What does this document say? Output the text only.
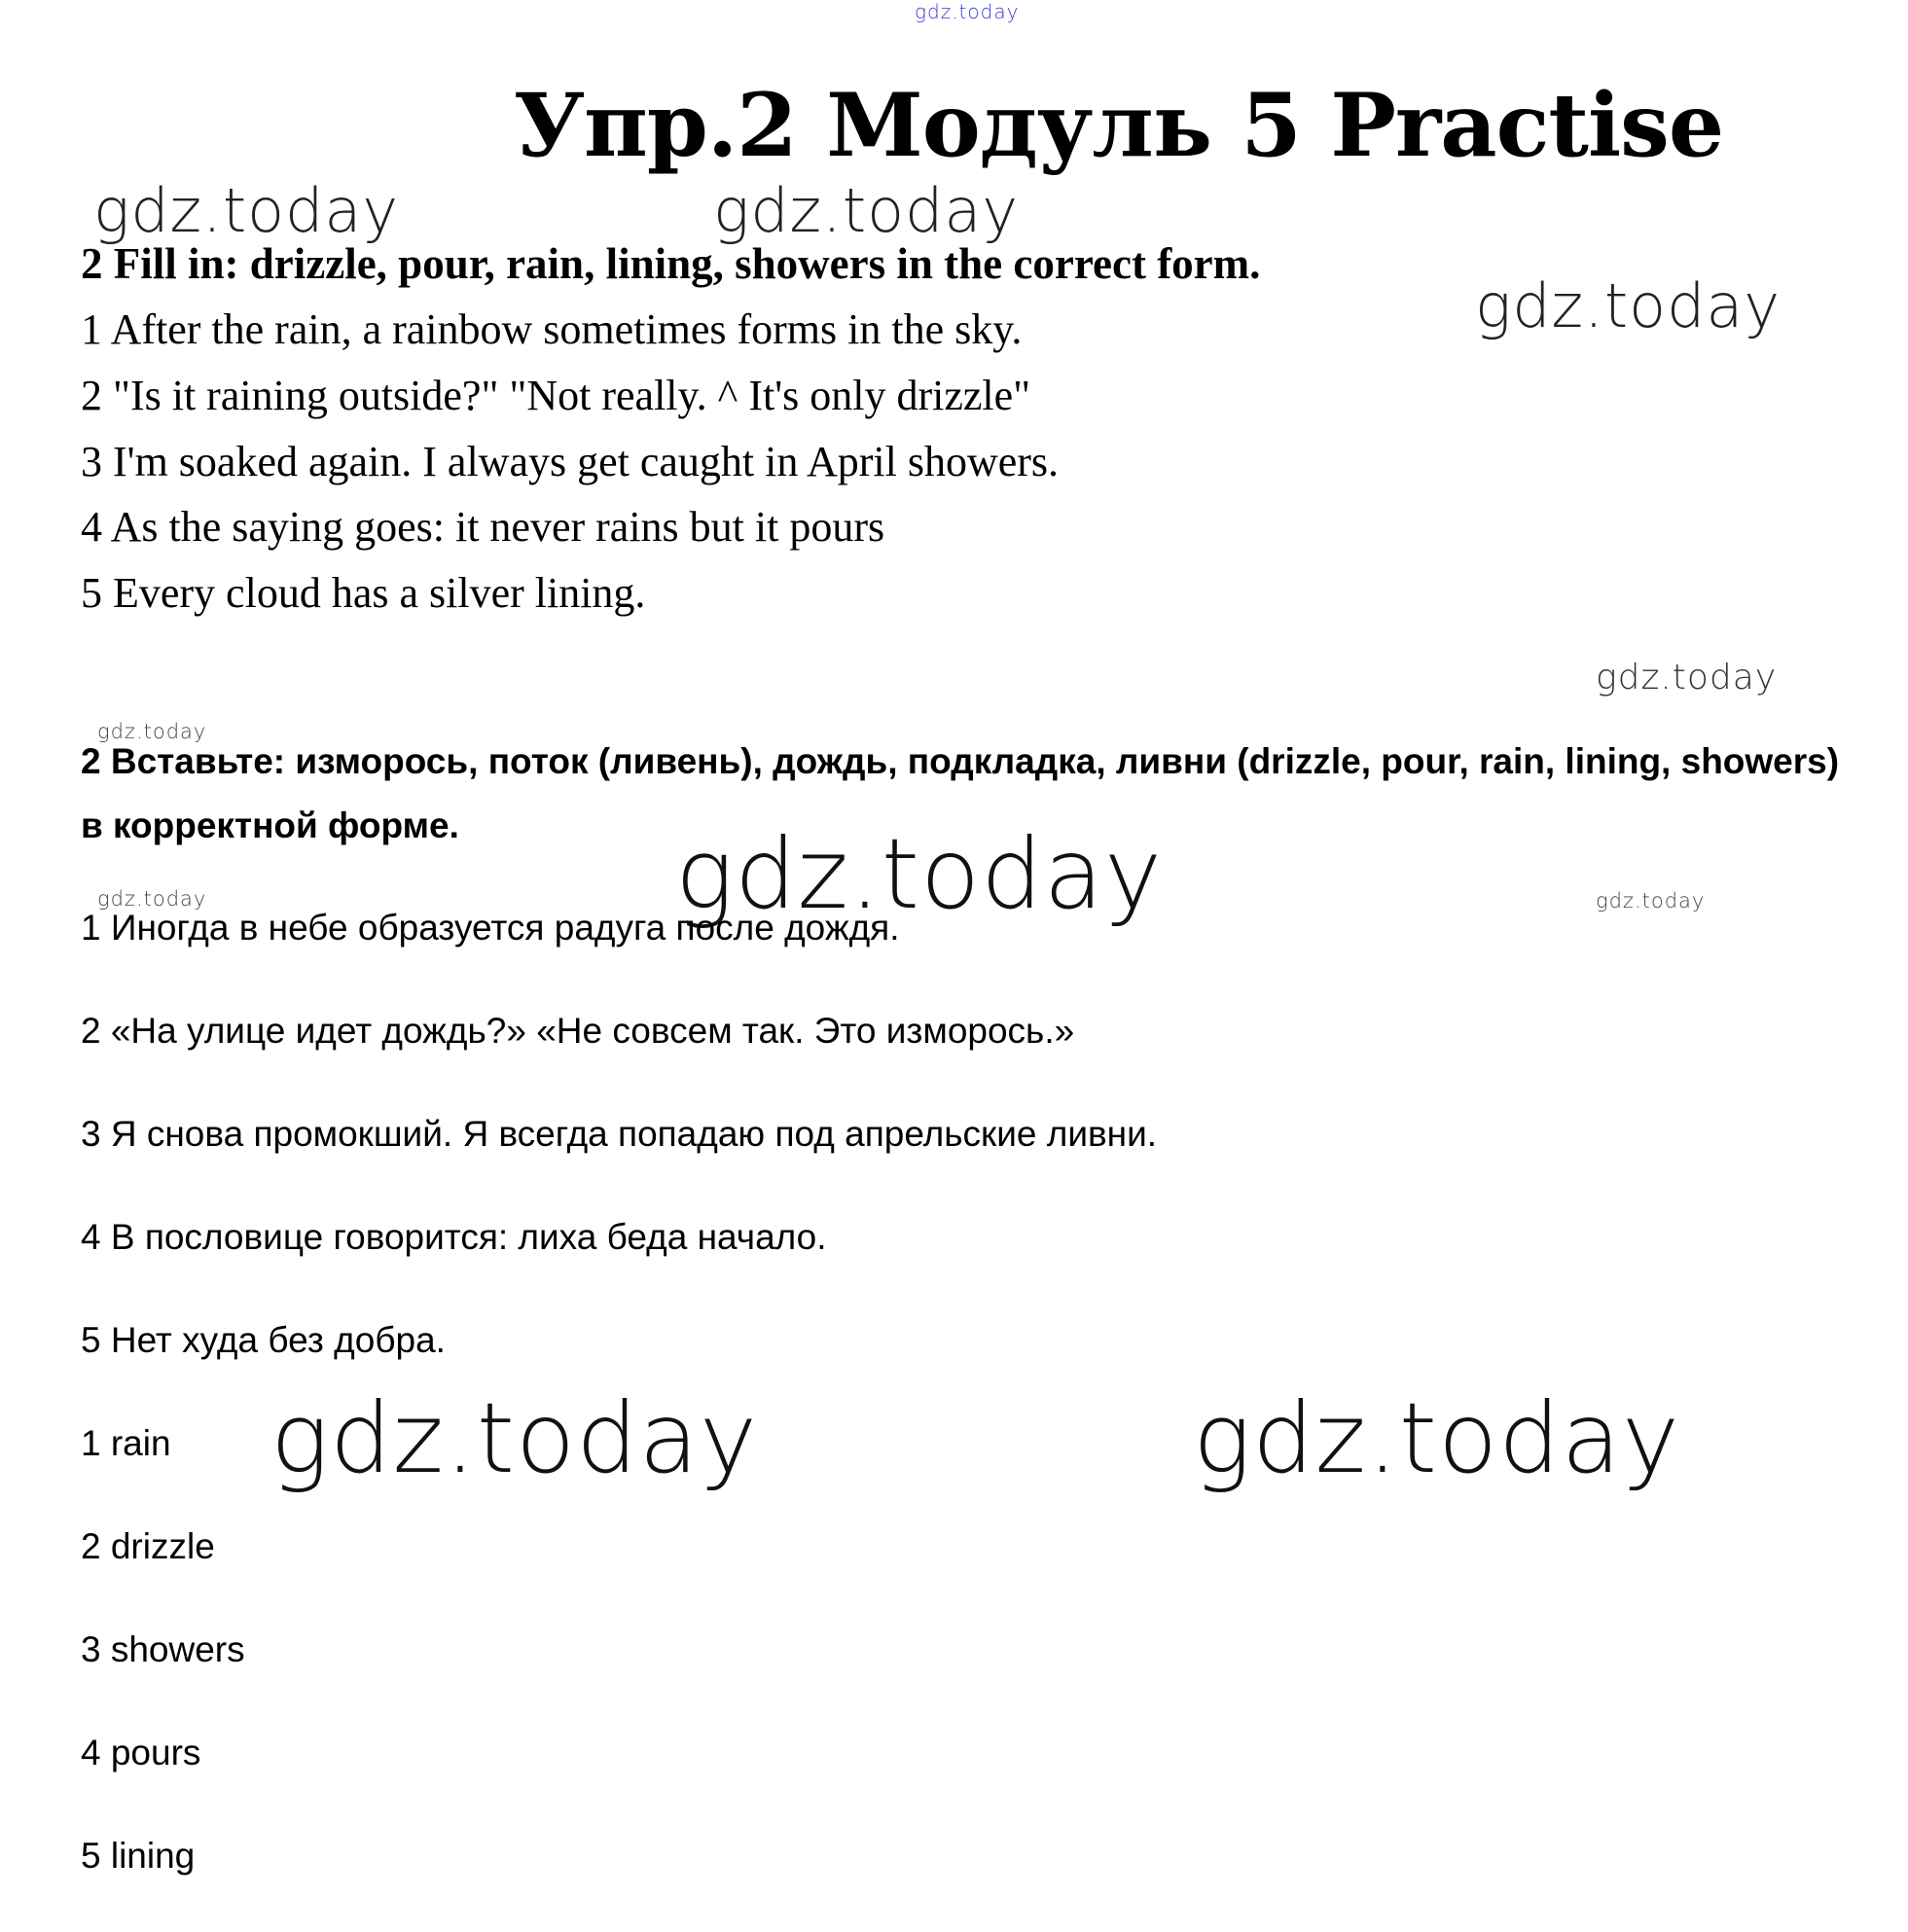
gdz.today
gdz.today	gdz.today
gdz.today
gdz.today
gdz.today
gdz.today
gdz.today	gdz.today
gdz.today	gdz.today
Упр.2 Модуль 5 Practise
2 Fill in: drizzle, pour, rain, lining, showers in the correct form.
1 After the rain, a rainbow sometimes forms in the sky.
2 "Is it raining outside?" "Not really. ^ It's only drizzle"
3 I'm soaked again. I always get caught in April showers.
4 As the saying goes: it never rains but it pours
5 Every cloud has a silver lining.
2 Вставьте: изморось, поток (ливень), дождь, подкладка, ливни (drizzle, pour, rain, lining, showers) в корректной форме.
1 Иногда в небе образуется радуга после дождя.
2 «На улице идет дождь?» «Не совсем так. Это изморось.»
3 Я снова промокший. Я всегда попадаю под апрельские ливни.
4 В пословице говорится: лиха беда начало.
5 Нет худа без добра.
1 rain
2 drizzle
3 showers
4 pours
5 lining
